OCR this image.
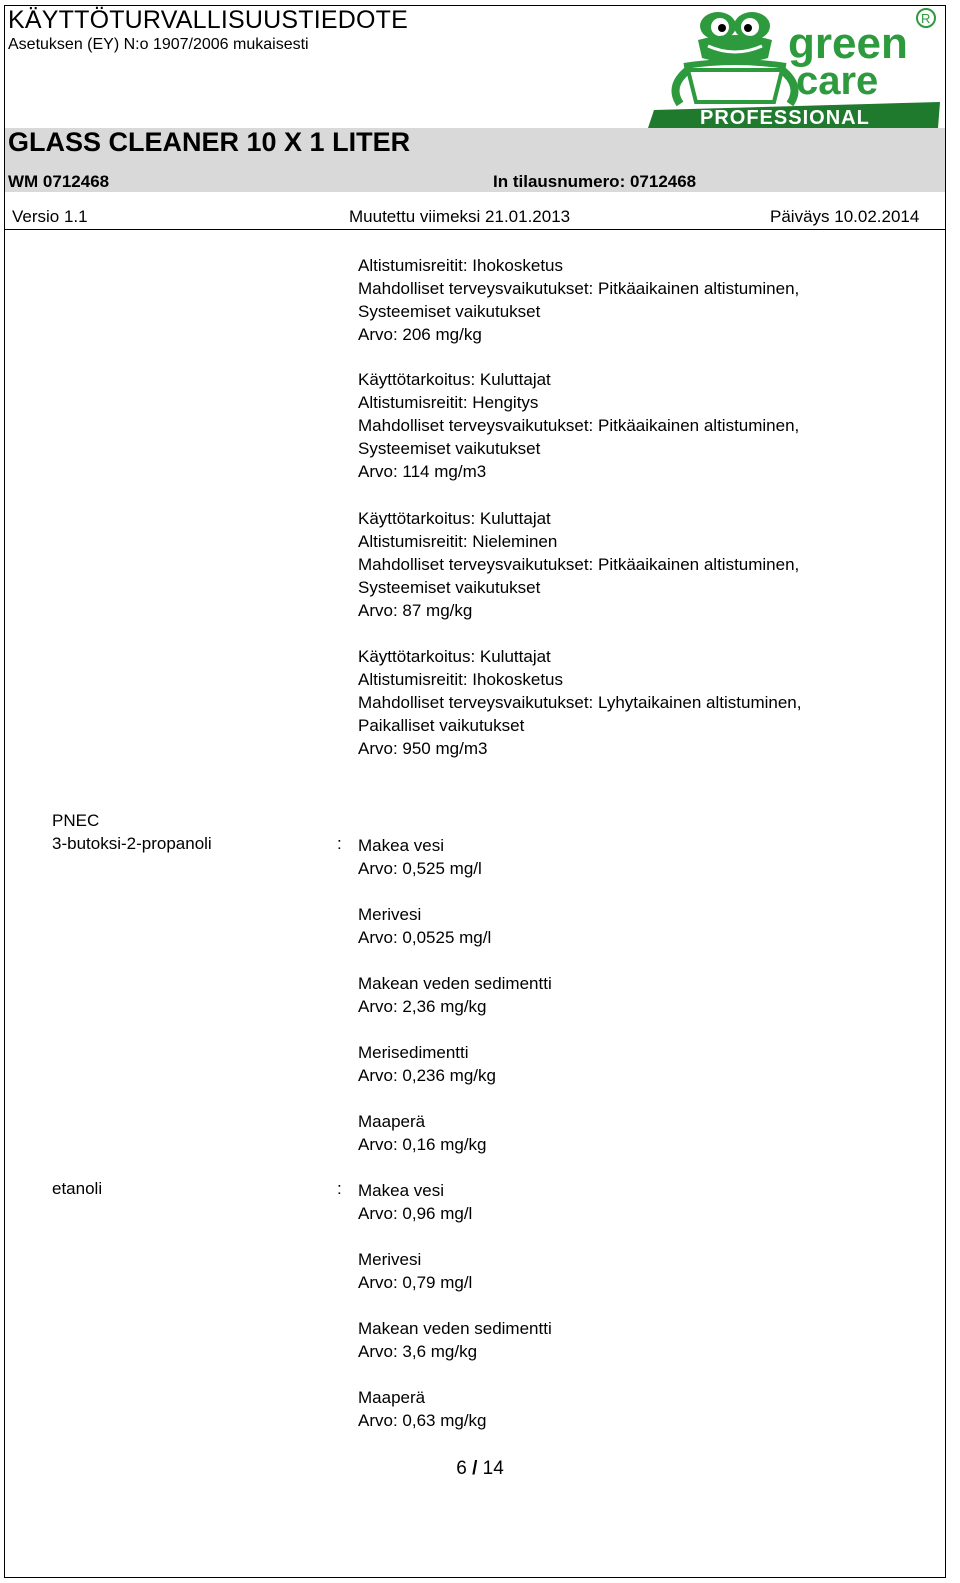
KÄYTTÖTURVALLISUUSTIEDOTE
Asetuksen (EY) N:o 1907/2006 mukaisesti	green
care
R
PROFESSIONAL
GLASS CLEANER 10 X 1 LITER
WM 0712468	In tilausnumero: 0712468
Versio 1.1	Muutettu viimeksi 21.01.2013	Päiväys 10.02.2014
Altistumisreitit: Ihokosketus
Mahdolliset terveysvaikutukset: Pitkäaikainen altistuminen,
Systeemiset vaikutukset
Arvo: 206 mg/kg
Käyttötarkoitus: Kuluttajat
Altistumisreitit: Hengitys
Mahdolliset terveysvaikutukset: Pitkäaikainen altistuminen,
Systeemiset vaikutukset
Arvo: 114 mg/m3
Käyttötarkoitus: Kuluttajat
Altistumisreitit: Nieleminen
Mahdolliset terveysvaikutukset: Pitkäaikainen altistuminen,
Systeemiset vaikutukset
Arvo: 87 mg/kg
Käyttötarkoitus: Kuluttajat
Altistumisreitit: Ihokosketus
Mahdolliset terveysvaikutukset: Lyhytaikainen altistuminen,
Paikalliset vaikutukset
Arvo: 950 mg/m3
PNEC
3-butoksi-2-propanoli	: Makea vesi
Arvo: 0,525 mg/l
Merivesi
Arvo: 0,0525 mg/l
Makean veden sedimentti
Arvo: 2,36 mg/kg
Merisedimentti
Arvo: 0,236 mg/kg
Maaperä
Arvo: 0,16 mg/kg
etanoli	: Makea vesi
Arvo: 0,96 mg/l
Merivesi
Arvo: 0,79 mg/l
Makean veden sedimentti
Arvo: 3,6 mg/kg
Maaperä
Arvo: 0,63 mg/kg
6 / 14
